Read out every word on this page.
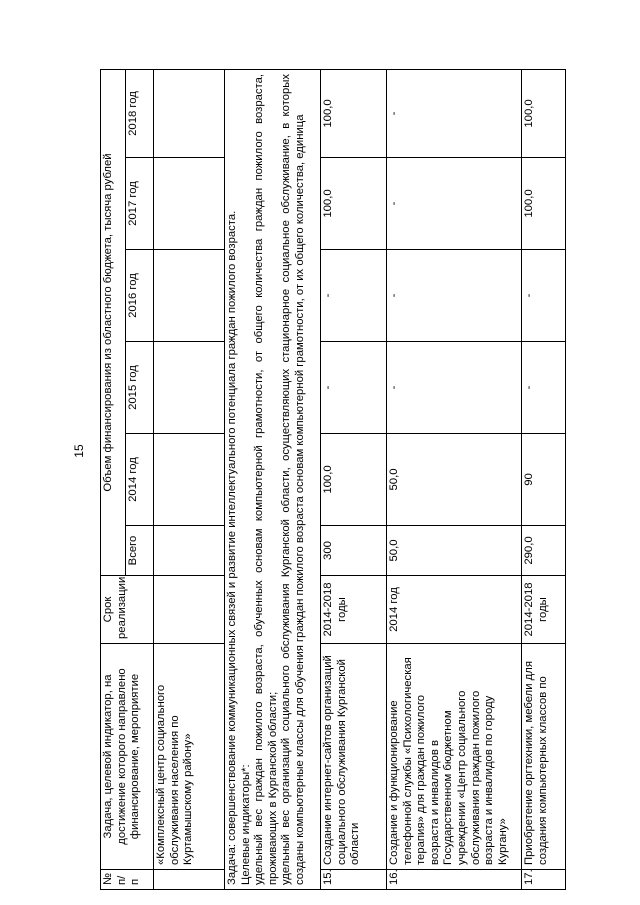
15
№ п/п	Задача, целевой индикатор, на достижение которого направлено финансирование, мероприятие	Срок реализации	Объем финансирования из областного бюджета, тысяча рублей					
			Всего	2014 год	2015 год	2016 год	2017 год	2018 год
	«Комплексный центр социального обслуживания населения по Куртамышскому району»							

Задача: совершенствование коммуникационных связей и развитие интеллектуального потенциала граждан пожилого возраста. Целевые индикаторы*: удельный вес граждан пожилого возраста, обученных основам компьютерной грамотности, от общего количества граждан пожилого возраста, проживающих в Курганской области; удельный вес организаций социального обслуживания Курганской области, осуществляющих стационарное социальное обслуживание, в которых созданы компьютерные классы для обучения граждан пожилого возраста основам компьютерной грамотности, от их общего количества, единица								

15.	Создание интернет-сайтов организаций социального обслуживания Курганской области	2014-2018 годы	300	100,0	-	-	100,0	100,0
16.	Создание и функционирование телефонной службы «Психологическая терапия» для граждан пожилого возраста и инвалидов в Государственном бюджетном учреждении «Центр социального обслуживания граждан пожилого возраста и инвалидов по городу Кургану»	2014 год	50,0	50,0	-	-	-	-
17.	Приобретение оргтехники, мебели для создания компьютерных классов по	2014-2018 годы	290,0	90	-	-	100,0	100,0
